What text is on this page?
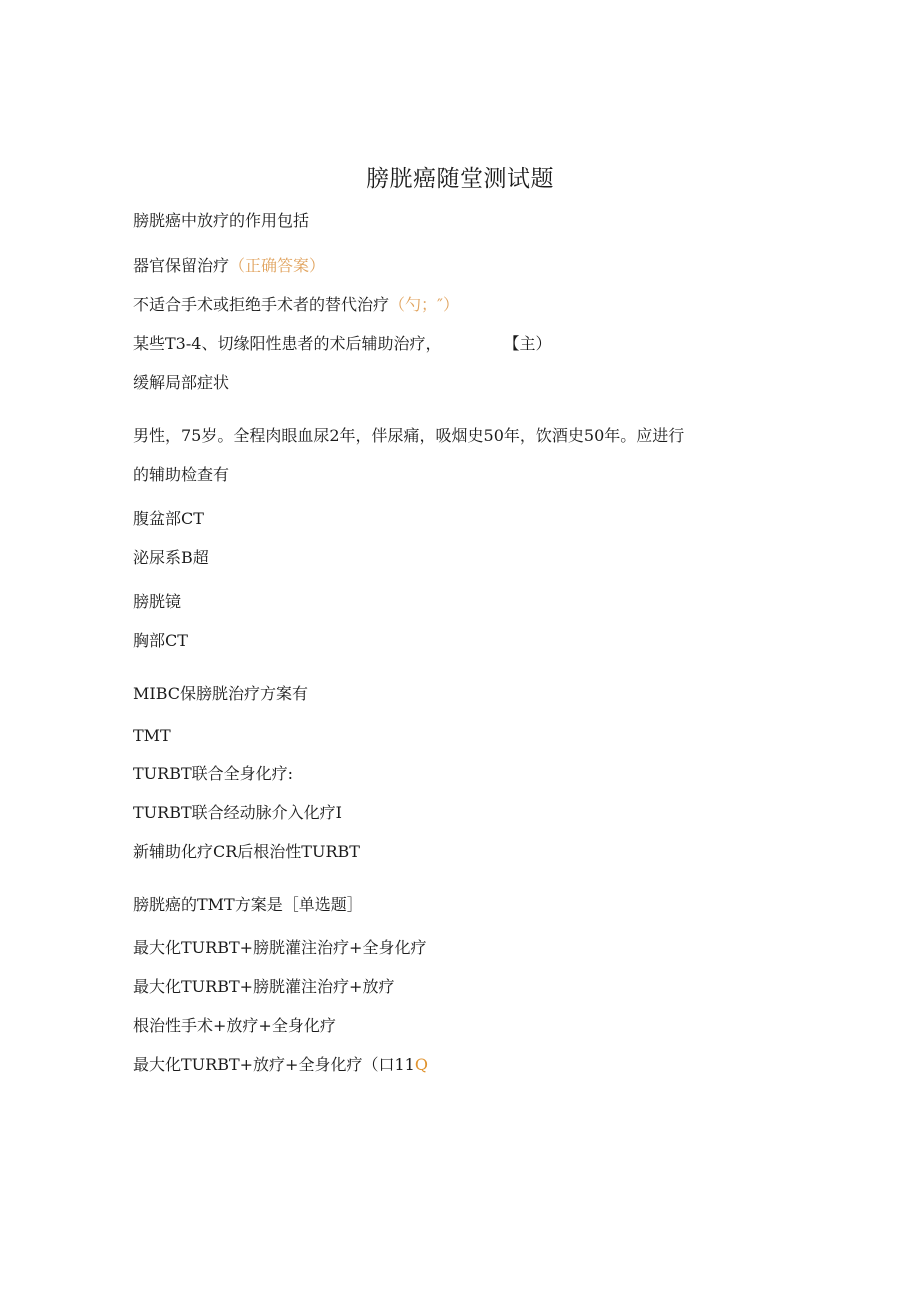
膀胱癌随堂测试题
膀胱癌中放疗的作用包括
器官保留治疗（正确答案）
不适合手术或拒绝手术者的替代治疗（勺；″）
某些T3-4、切缘阳性患者的术后辅助治疗，	【主）
缓解局部症状
男性，75岁。全程肉眼血尿2年，伴尿痛，吸烟史50年，饮酒史50年。应进行
的辅助检查有
腹盆部CT
泌尿系B超
膀胱镜
胸部CT
MIBC保膀胱治疗方案有
TMT
TURBT联合全身化疗:
TURBT联合经动脉介入化疗I
新辅助化疗CR后根治性TURBT
膀胱癌的TMT方案是［单选题］
最大化TURBT+膀胱灌注治疗+全身化疗
最大化TURBT+膀胱灌注治疗+放疗
根治性手术+放疗+全身化疗
最大化TURBT+放疗+全身化疗（口11Q
